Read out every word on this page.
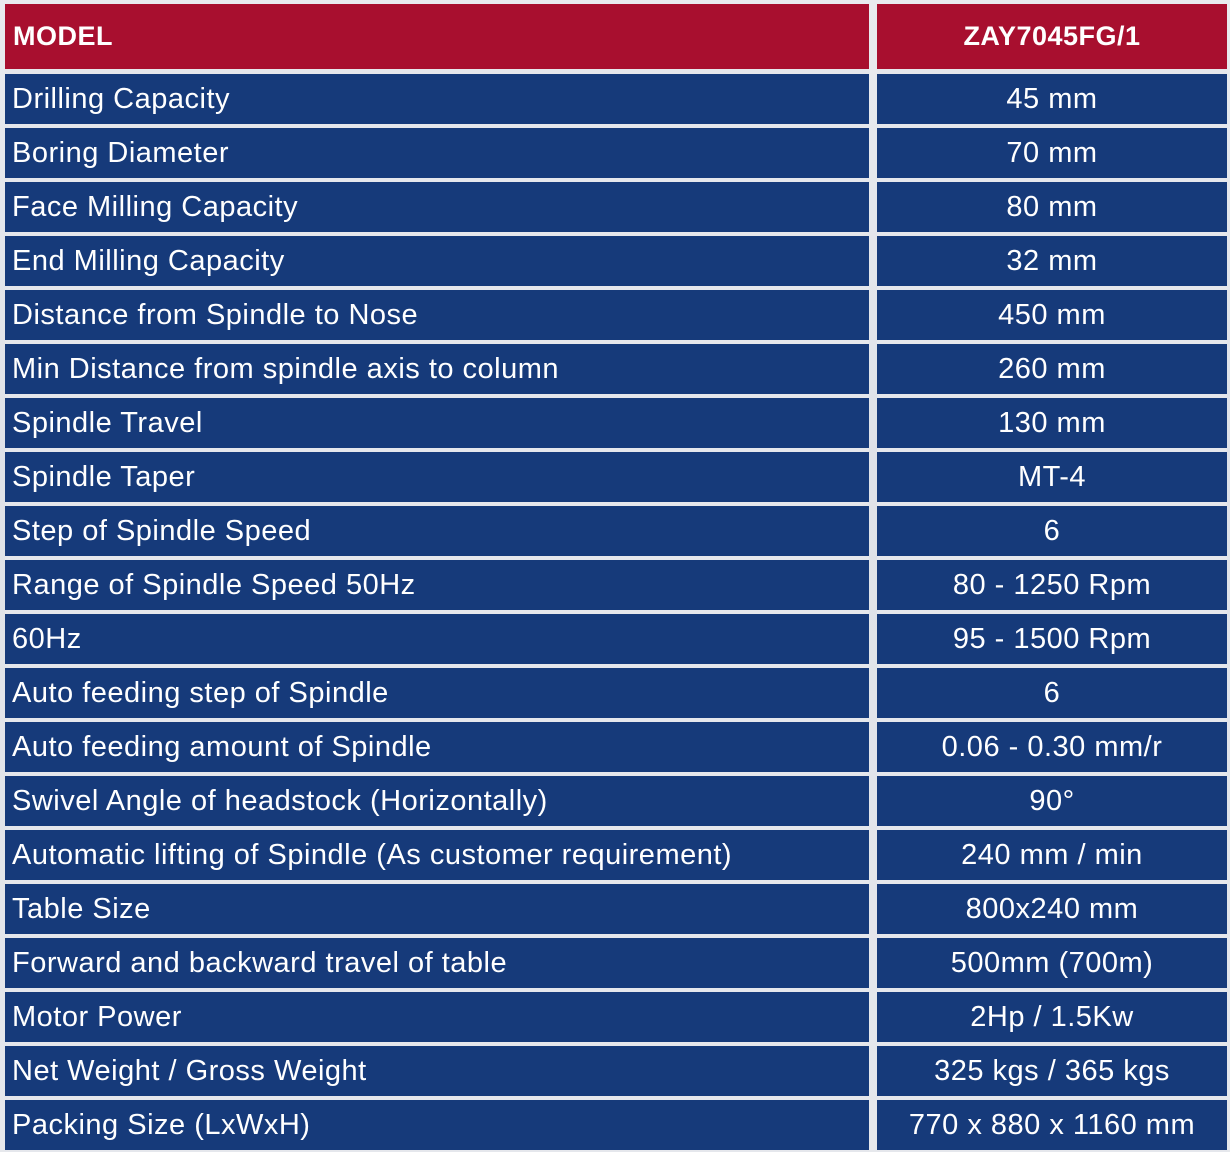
MODEL	ZAY7045FG/1
Drilling Capacity	45 mm
Boring Diameter	70 mm
Face Milling Capacity	80 mm
End Milling Capacity	32 mm
Distance from Spindle to Nose	450 mm
Min Distance from spindle axis to column	260 mm
Spindle Travel	130 mm
Spindle Taper	MT-4
Step of Spindle Speed	6
Range of Spindle Speed 50Hz	80 - 1250 Rpm
60Hz	95 - 1500 Rpm
Auto feeding step of Spindle	6
Auto feeding amount of Spindle	0.06 - 0.30 mm/r
Swivel Angle of headstock (Horizontally)	90°
Automatic lifting of Spindle (As customer requirement)	240 mm / min
Table Size	800x240 mm
Forward and backward travel of table	500mm (700m)
Motor Power	2Hp / 1.5Kw
Net Weight / Gross Weight	325 kgs / 365 kgs
Packing Size (LxWxH)	770 x 880 x 1160 mm
